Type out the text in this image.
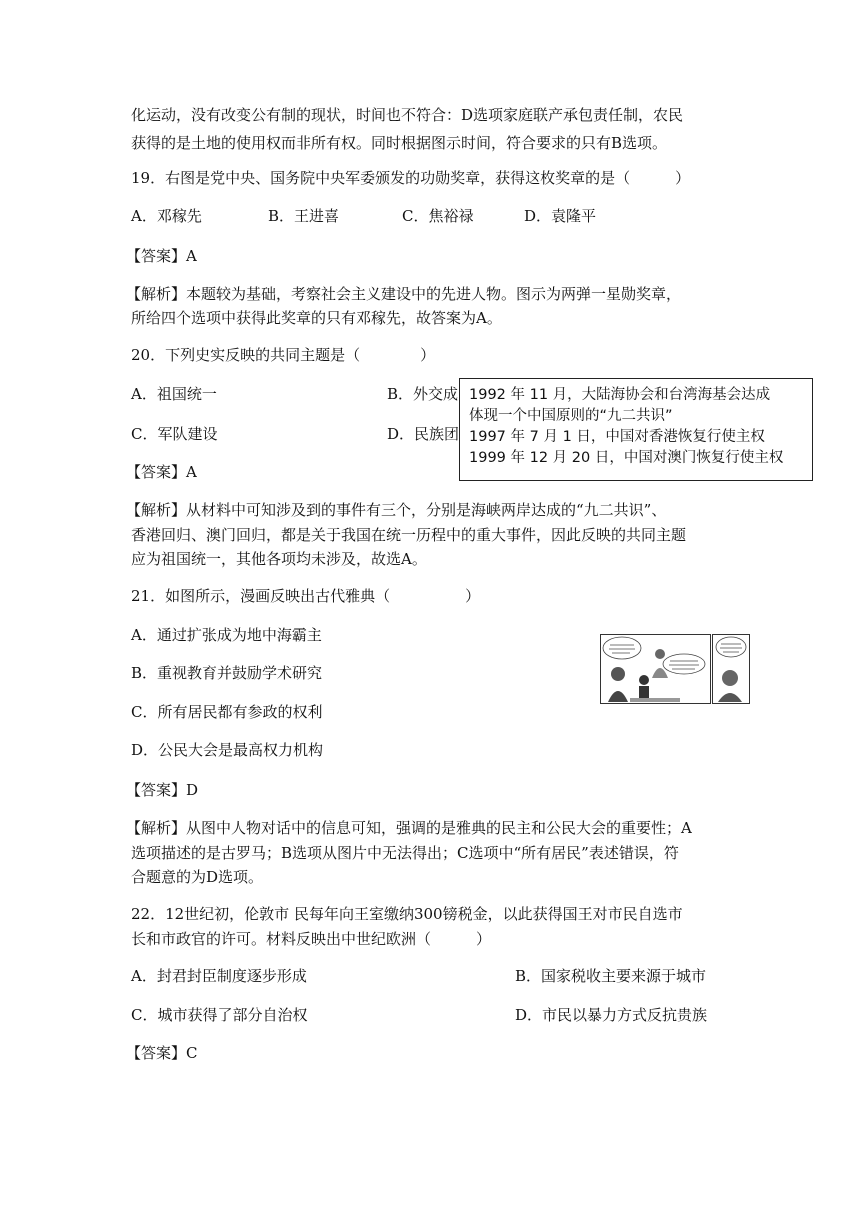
化运动，没有改变公有制的现状，时间也不符合：D选项家庭联产承包责任制，农民
获得的是土地的使用权而非所有权。同时根据图示时间，符合要求的只有B选项。
19．右图是党中央、国务院中央军委颁发的功勋奖章，获得这枚奖章的是（　　　）
A．邓稼先	B．王进喜	C．焦裕禄	D．袁隆平
【答案】A
【解析】本题较为基础，考察社会主义建设中的先进人物。图示为两弹一星勋奖章，
所给四个选项中获得此奖章的只有邓稼先，故答案为A。
20．下列史实反映的共同主题是（　　　　）
A．祖国统一	B．外交成
C．军队建设	D．民族团
1992 年 11 月，大陆海协会和台湾海基会达成
体现一个中国原则的“九二共识”
1997 年 7 月 1 日，中国对香港恢复行使主权
1999 年 12 月 20 日，中国对澳门恢复行使主权
【答案】A
【解析】从材料中可知涉及到的事件有三个，分别是海峡两岸达成的“九二共识”、
香港回归、澳门回归，都是关于我国在统一历程中的重大事件，因此反映的共同主题
应为祖国统一，其他各项均未涉及，故选A。
21．如图所示，漫画反映出古代雅典（　　　　　）
A．通过扩张成为地中海霸主
B．重视教育并鼓励学术研究
C．所有居民都有参政的权利
D．公民大会是最高权力机构
【答案】D
【解析】从图中人物对话中的信息可知，强调的是雅典的民主和公民大会的重要性；A
选项描述的是古罗马；B选项从图片中无法得出；C选项中“所有居民”表述错误，符
合题意的为D选项。
22．12世纪初，伦敦市 民每年向王室缴纳300镑税金，以此获得国王对市民自选市
长和市政官的许可。材料反映出中世纪欧洲（　　　）
A．封君封臣制度逐步形成	B．国家税收主要来源于城市
C．城市获得了部分自治权	D．市民以暴力方式反抗贵族
【答案】C
